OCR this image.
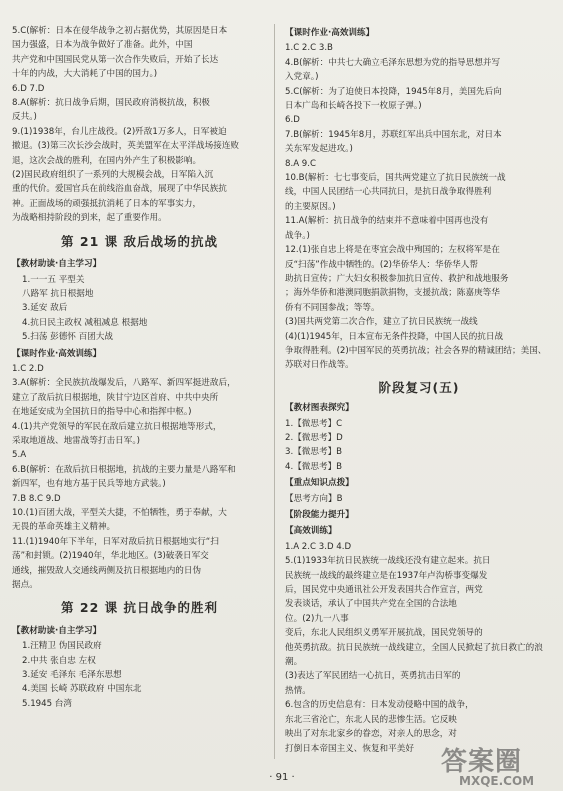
5.C(解析：日本在侵华战争之初占据优势，其原因是日本

国力强盛，日本为战争做好了准备。此外，中国

共产党和中国国民党从第一次合作失败后，开始了长达

十年的内战，大大消耗了中国的国力。)

6.D 7.D

8.A(解析：抗日战争后期，国民政府消极抗战，积极

反共。)

9.(1)1938年，台儿庄战役。(2)歼敌1万多人，日军被迫

撤退。(3)第三次长沙会战时，英美盟军在太平洋战场接连败

退，这次会战的胜利，在国内外产生了积极影响。

(2)国民政府组织了一系列的大规模会战，日军陷入沉

重的代价。爱国官兵在前线浴血奋战，展现了中华民族抗

神。正面战场的顽强抵抗消耗了日本的军事实力，

为战略相持阶段的到来，起了重要作用。

第 21 课 敌后战场的抗战
【教材助读·自主学习】

1.一一五 平型关

八路军 抗日根据地

3.延安 敌后

4.抗日民主政权 减租减息 根据地

5.扫荡 彭德怀 百团大战

【课时作业·高效训练】

1.C 2.D

3.A(解析：全民族抗战爆发后，八路军、新四军挺进敌后，

建立了敌后抗日根据地，陕甘宁边区首府、中共中央所

在地延安成为全国抗日的指导中心和指挥中枢。)

4.(1)共产党领导的军民在敌后建立抗日根据地等形式，

采取地道战、地雷战等打击日军。)

5.A

6.B(解析：在敌后抗日根据地，抗战的主要力量是八路军和

新四军，也有地方基于民兵等地方武装。)

7.B 8.C 9.D

10.(1)百团大战，平型关大捷，不怕牺牲，勇于奉献，大

无畏的革命英雄主义精神。

11.(1)1940年下半年，日军对敌后抗日根据地实行“扫

荡”和封锁。(2)1940年，华北地区。(3)破袭日军交

通线，摧毁敌人交通线两侧及抗日根据地内的日伪

据点。

第 22 课 抗日战争的胜利
【教材助读·自主学习】

1.汪精卫 伪国民政府

2.中共 张自忠 左权

3.延安 毛泽东 毛泽东思想

4.美国 长崎 苏联政府 中国东北

5.1945 台湾

【课时作业·高效训练】

1.C 2.C 3.B

4.B(解析：中共七大确立毛泽东思想为党的指导思想并写

入党章。)

5.C(解析：为了迫使日本投降，1945年8月，美国先后向

日本广岛和长崎各投下一枚原子弹。)

6.D

7.B(解析：1945年8月，苏联红军出兵中国东北，对日本

关东军发起进攻。)

8.A 9.C

10.B(解析：七七事变后，国共两党建立了抗日民族统一战

线，中国人民团结一心共同抗日，是抗日战争取得胜利

的主要原因。)

11.A(解析：抗日战争的结束并不意味着中国再也没有

战争。)

12.(1)张自忠上将是在枣宜会战中殉国的；左权将军是在

反“扫荡”作战中牺牲的。(2)华侨华人：华侨华人帮

助抗日宣传；广大妇女积极参加抗日宣传、救护和战地服务

；海外华侨和港澳同胞捐款捐物，支援抗战；陈嘉庚等华

侨有不同国参战；等等。

(3)国共两党第二次合作，建立了抗日民族统一战线

(4)(1)1945年，日本宣布无条件投降，中国人民的抗日战

争取得胜利。(2)中国军民的英勇抗战；社会各界的精诚团结；美国、

苏联对日作战等。

阶段复习(五)
【教材图表探究】

1.【微思考】C

2.【微思考】D

3.【微思考】B

4.【微思考】B

【重点知识点拨】

【思考方向】B

【阶段能力提升】
【高效训练】

1.A 2.C 3.D 4.D

5.(1)1933年抗日民族统一战线还没有建立起来。抗日

民族统一战线的最终建立是在1937年卢沟桥事变爆发

后，国民党中央通讯社公开发表国共合作宣言，两党

发表谈话，承认了中国共产党在全国的合法地

位。(2)九一八事

变后，东北人民组织义勇军开展抗战，国民党领导的

他英勇抗敌。抗日民族统一战线建立，全国人民掀起了抗日救亡的浪潮。

(3)表达了军民团结一心抗日，英勇抗击日军的

热情。

6.包含的历史信息有：日本发动侵略中国的战争，

东北三省沦亡，东北人民的悲惨生活。它反映

映出了对东北家乡的眷恋，对亲人的思念，对

打倒日本帝国主义、恢复和平美好

· 91 ·
答案圈
MXQE.COM
